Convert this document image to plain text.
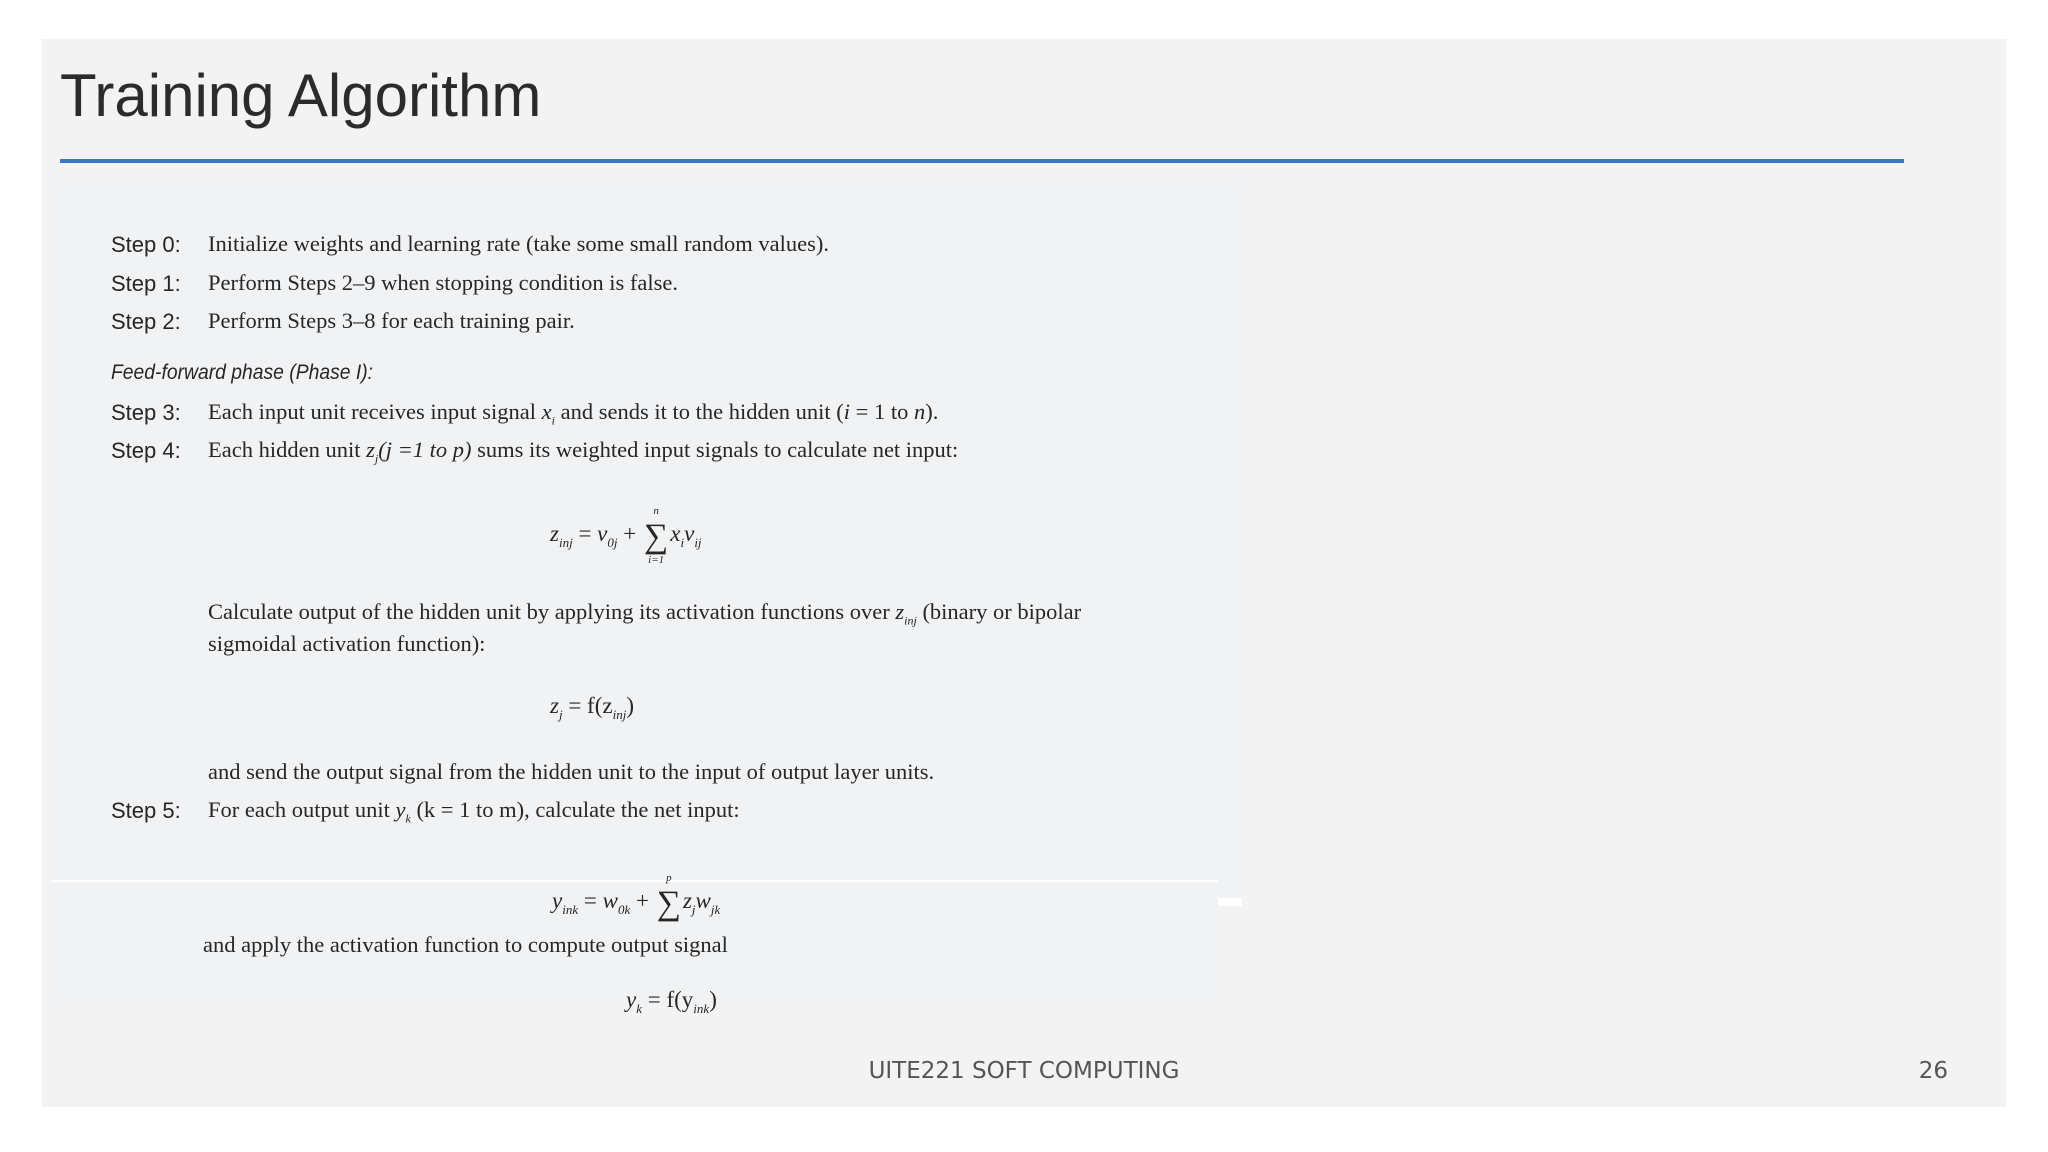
Training Algorithm
Step 0: Initialize weights and learning rate (take some small random values).
Step 1: Perform Steps 2–9 when stopping condition is false.
Step 2: Perform Steps 3–8 for each training pair.
Feed-forward phase (Phase I):
Step 3: Each input unit receives input signal $x_i$ and sends it to the hidden unit (i = 1 to n).
Step 4: Each hidden unit $z_j(j =1$ to p) sums its weighted input signals to calculate net input:
$z_{inj} = v_{0j}$ + ∑
n
i=1
$x_iv_{ij}$
Calculate output of the hidden unit by applying its activation functions over $z_{inj}$ (binary or bipolar
sigmoidal activation function):
$z_j = f(z_{inj})$
and send the output signal from the hidden unit to the input of output layer units.
Step 5: For each output unit $y_k$ (k = 1 to m), calculate the net input:
$y_{ink} = w_{0k}$ + ∑
p
$z_jw_{jk}$
and apply the activation function to compute output signal
$y_k = f(y_{ink})$
UITE221 SOFT COMPUTING	26
